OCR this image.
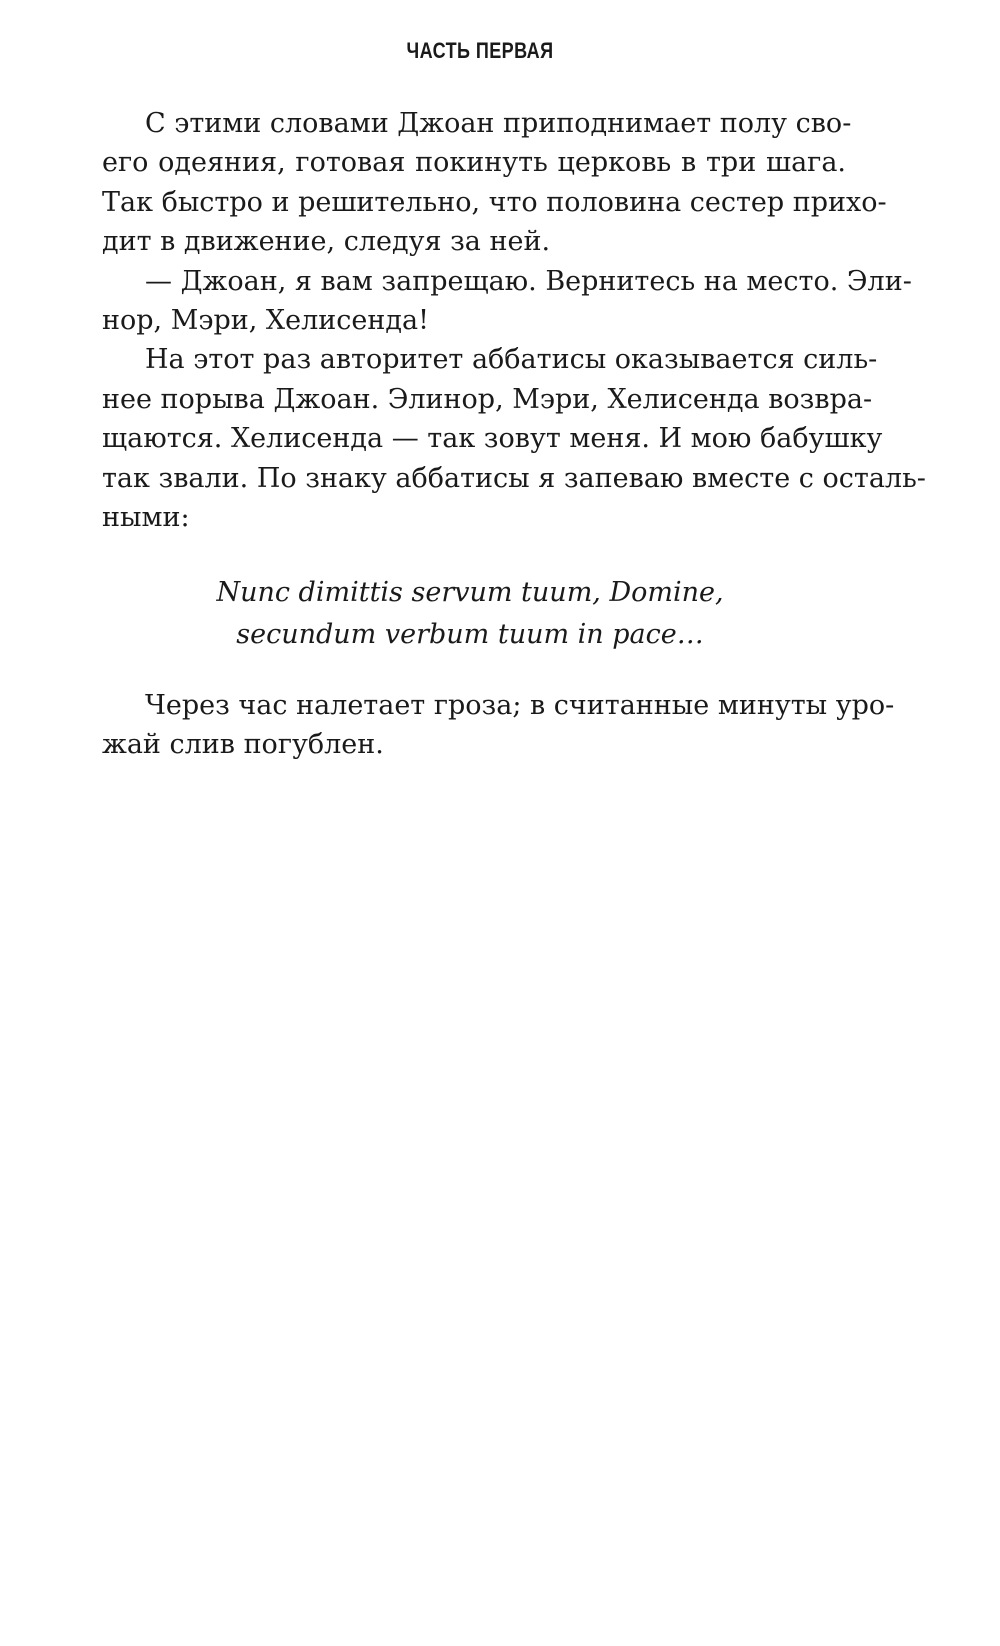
ЧАСТЬ ПЕРВАЯ
С этими словами Джоан приподнимает полу сво-
его одеяния, готовая покинуть церковь в три шага.
Так быстро и решительно, что половина сестер прихо-
дит в движение, следуя за ней.
— Джоан, я вам запрещаю. Вернитесь на место. Эли-
нор, Мэри, Хелисенда!
На этот раз авторитет аббатисы оказывается силь-
нее порыва Джоан. Элинор, Мэри, Хелисенда возвра-
щаются. Хелисенда — так зовут меня. И мою бабушку
так звали. По знаку аббатисы я запеваю вместе с осталь-
ными:
Nunc dimittis servum tuum, Domine,
secundum verbum tuum in pace…
Через час налетает гроза; в считанные минуты уро-
жай слив погублен.
